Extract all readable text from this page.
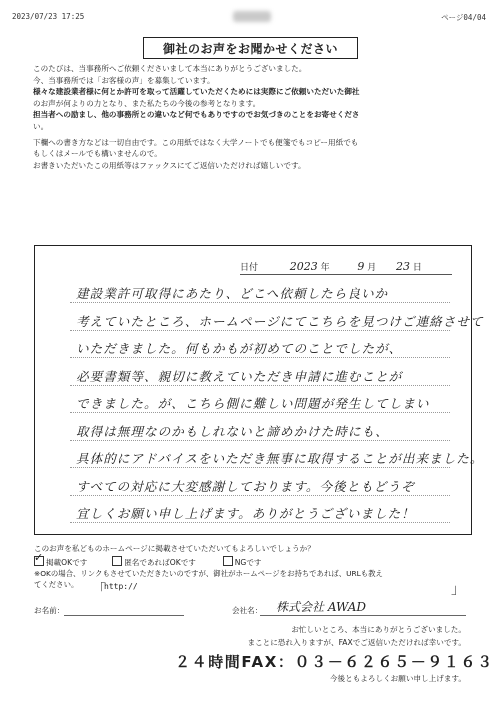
2023/07/23 17:25	ページ04/04
御社のお声をお聞かせください

このたびは、当事務所へご依頼くださいまして本当にありがとうございました。

今、当事務所では「お客様の声」を募集しています。

様々な建設業者様に何とか許可を取って活躍していただくためには実際にご依頼いただいた御社

のお声が何よりの力となり、また私たちの今後の参考となります。

担当者への励まし、他の事務所との違いなど何でもありですのでお気づきのことをお寄せくださ

い。

下欄への書き方などは一切自由です。この用紙ではなく大学ノートでも便箋でもコピー用紙でも

もしくはメールでも構いませんので。

お書きいただいたこの用紙等はファックスにてご返信いただければ嬉しいです。

日付	2023 年	9 月 23 日
建設業許可取得にあたり、どこへ依頼したら良いか
考えていたところ、ホームページにてこちらを見つけご連絡させて
いただきました。何もかもが初めてのことでしたが、
必要書類等、親切に教えていただき申請に進むことが
できました。が、こちら側に難しい問題が発生してしまい
取得は無理なのかもしれないと諦めかけた時にも、
具体的にアドバイスをいただき無事に取得することが出来ました。
すべての対応に大変感謝しております。今後ともどうぞ
宜しくお願い申し上げます。ありがとうございました！
このお声を私どものホームページに掲載させていただいてもよろしいでしょうか？
✓掲載OKです	匿名であればOKです	NGです

※OKの場合、リンクもさせていただきたいのですが、御社がホームページをお持ちであれば、URLも教え

てください。 「
http://	」
お名前：	会社名： 株式会社 AWAD
お忙しいところ、本当にありがとうございました。
まことに恐れ入りますが、FAXでご返信いただければ幸いです。
２４時間FAX：０３－６２６５－９１６３
今後ともよろしくお願い申し上げます。
